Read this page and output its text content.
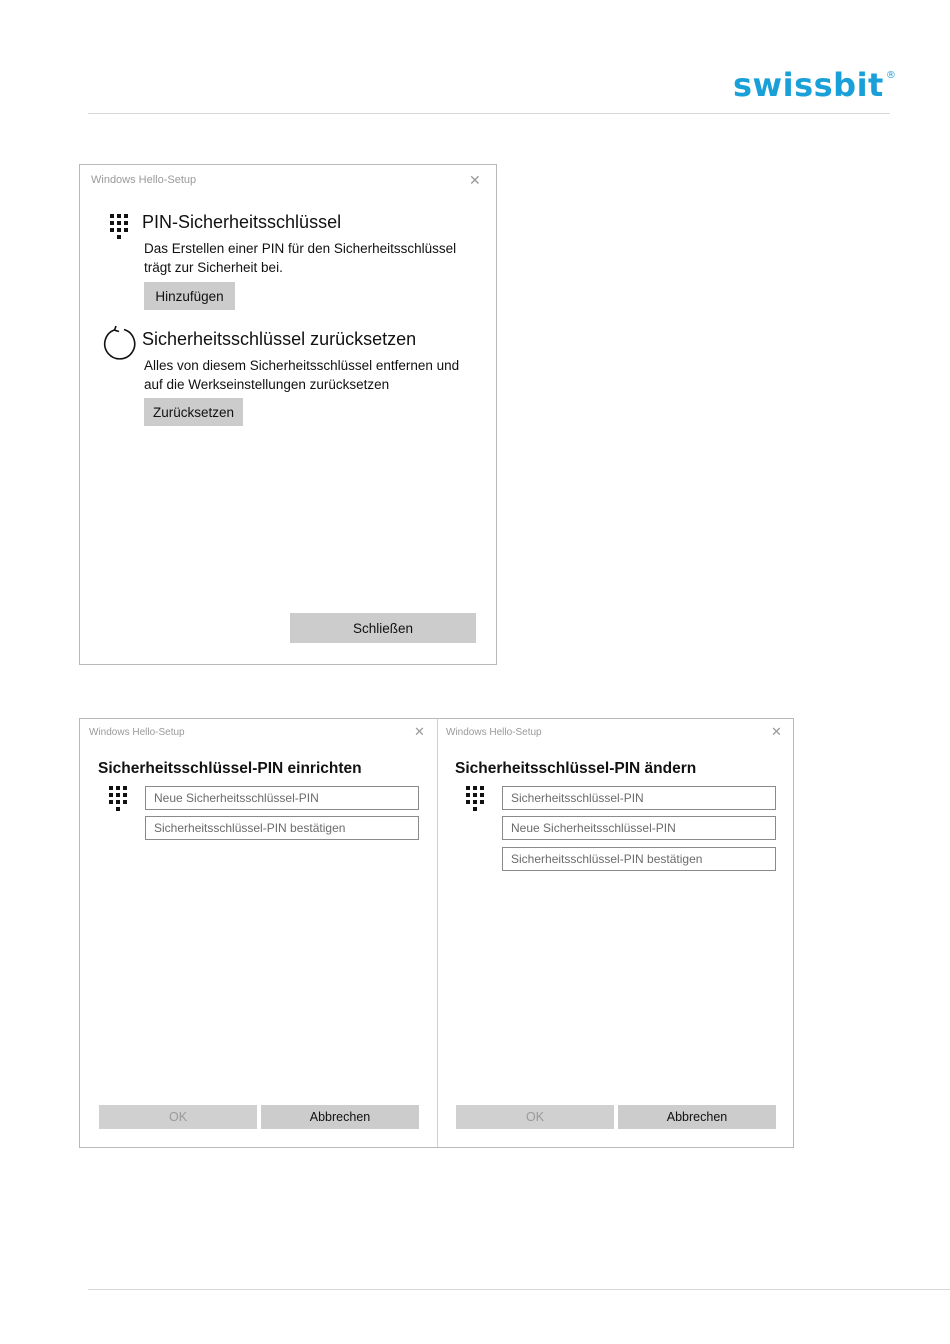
swissbit ®
Windows Hello-Setup	✕
PIN-Sicherheitsschlüssel
Das Erstellen einer PIN für den Sicherheitsschlüssel trägt zur Sicherheit bei.
Hinzufügen
Sicherheitsschlüssel zurücksetzen
Alles von diesem Sicherheitsschlüssel entfernen und auf die Werkseinstellungen zurücksetzen
Zurücksetzen
Schließen
Windows Hello-Setup	✕
Sicherheitsschlüssel-PIN einrichten
Neue Sicherheitsschlüssel-PIN
Sicherheitsschlüssel-PIN bestätigen
OK	Abbrechen
Windows Hello-Setup	✕
Sicherheitsschlüssel-PIN ändern
Sicherheitsschlüssel-PIN
Neue Sicherheitsschlüssel-PIN
Sicherheitsschlüssel-PIN bestätigen
OK	Abbrechen
